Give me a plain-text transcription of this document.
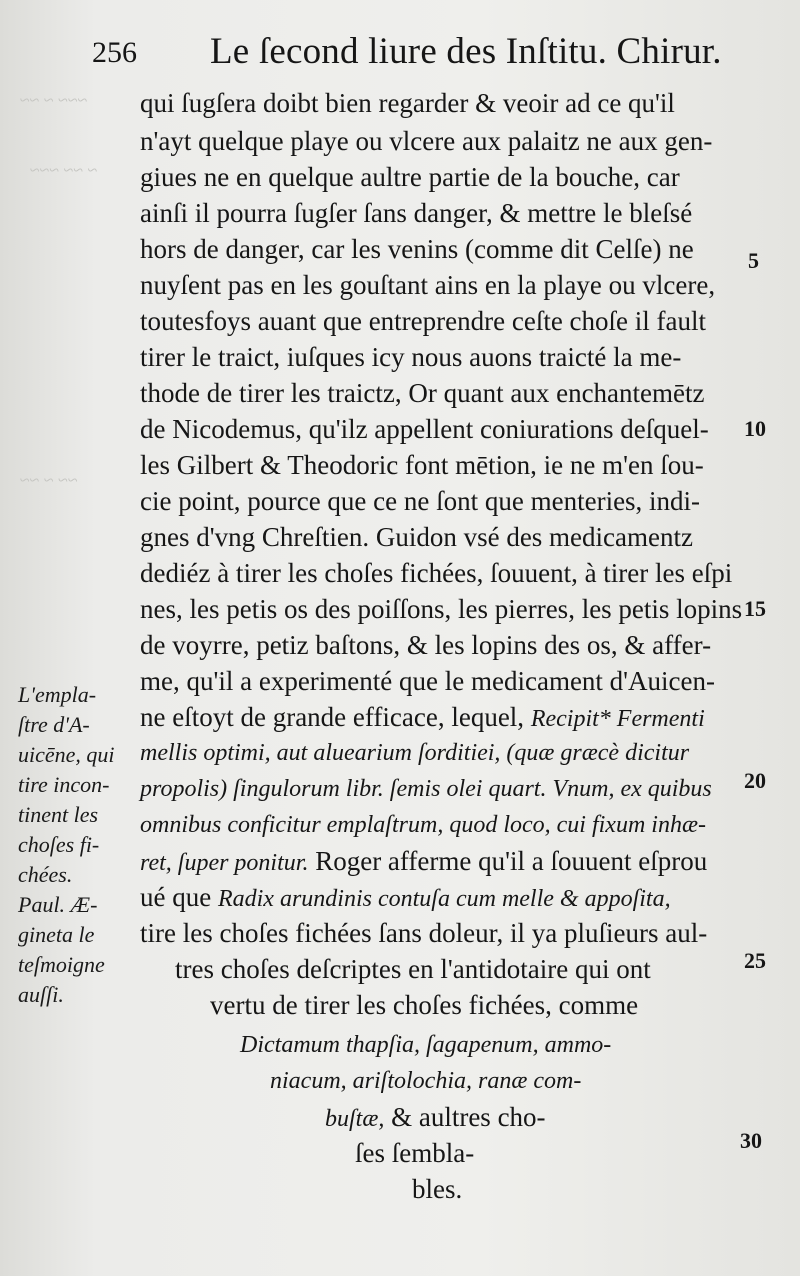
~~~ ~ ~~
~ ~~ ~~~
~~ ~ ~~
256 Le ſecond liure des Inſtitu. Chirur.
qui ſugſera doibt bien regarder & veoir ad ce qu'il
n'ayt quelque playe ou vlcere aux palaitz ne aux gen-
giues ne en quelque aultre partie de la bouche, car
ainſi il pourra ſugſer ſans danger, & mettre le bleſsé
hors de danger, car les venins (comme dit Celſe) ne
nuyſent pas en les gouſtant ains en la playe ou vlcere,
toutesfoys auant que entreprendre ceſte choſe il fault
tirer le traict, iuſques icy nous auons traicté la me-
thode de tirer les traictz, Or quant aux enchantemētz
de Nicodemus, qu'ilz appellent coniurations deſquel-
les Gilbert & Theodoric font mētion, ie ne m'en ſou-
cie point, pource que ce ne ſont que menteries, indi-
gnes d'vng Chreſtien. Guidon vsé des medicamentz
dediéz à tirer les choſes fichées, ſouuent, à tirer les eſpi
nes, les petis os des poiſſons, les pierres, les petis lopins
de voyrre, petiz baſtons, & les lopins des os, & affer-
me, qu'il a experimenté que le medicament d'Auicen-
ne eſtoyt de grande efficace, lequel, Recipit* Fermenti
mellis optimi, aut aluearium ſorditiei, (quæ græcè dicitur
propolis) ſingulorum libr. ſemis olei quart. Vnum, ex quibus
omnibus conficitur emplaſtrum, quod loco, cui fixum inhæ-
ret, ſuper ponitur. Roger afferme qu'il a ſouuent eſprou
ué que Radix arundinis contuſa cum melle & appoſita,
tire les choſes fichées ſans doleur, il ya pluſieurs aul-
tres choſes deſcriptes en l'antidotaire qui ont
vertu de tirer les choſes fichées, comme
Dictamum thapſia, ſagapenum, ammo-
niacum, ariſtolochia, ranæ com-
buſtæ, & aultres cho-
ſes ſembla-
bles.
5
10
15
20
25
30
L'empla-
ſtre d'A-
uicēne, qui
tire incon-
tinent les
choſes fi-
chées.
Paul. Æ-
gineta le
teſmoigne
auſſi.
